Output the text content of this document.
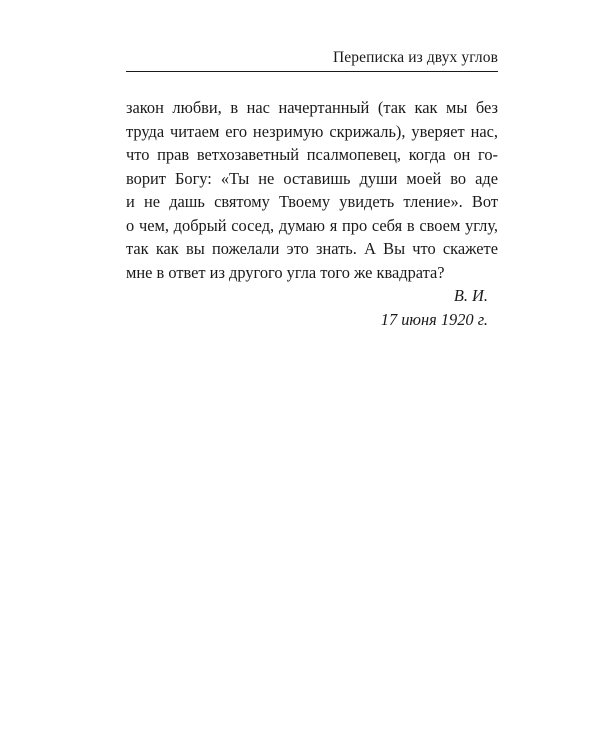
Переписка из двух углов
закон любви, в нас начертанный (так как мы без
труда читаем его незримую скрижаль), уверяет нас,
что прав ветхозаветный псалмопевец, когда он го-
ворит Богу: «Ты не оставишь души моей во аде
и не дашь святому Твоему увидеть тление». Вот
о чем, добрый сосед, думаю я про себя в своем углу,
так как вы пожелали это знать. А Вы что скажете
мне в ответ из другого угла того же квадрата?
В. И.
17 июня 1920 г.
